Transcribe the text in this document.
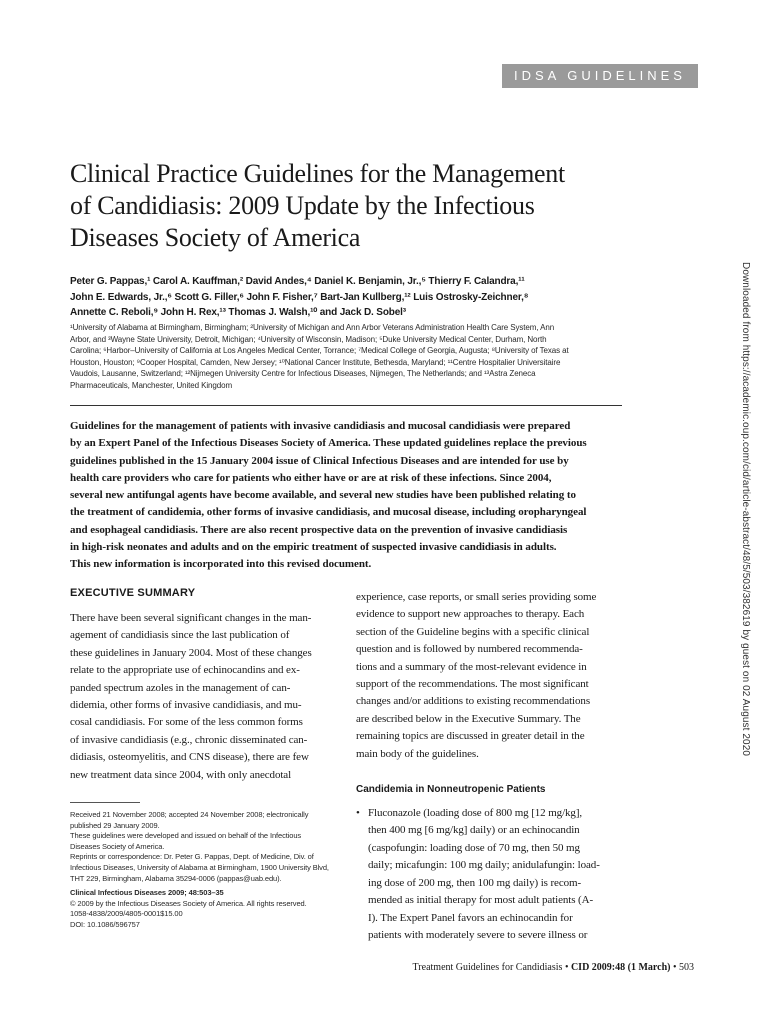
IDSA GUIDELINES
Clinical Practice Guidelines for the Management
of Candidiasis: 2009 Update by the Infectious
Diseases Society of America
Peter G. Pappas,¹ Carol A. Kauffman,² David Andes,⁴ Daniel K. Benjamin, Jr.,⁵ Thierry F. Calandra,¹¹
John E. Edwards, Jr.,⁶ Scott G. Filler,⁶ John F. Fisher,⁷ Bart-Jan Kullberg,¹² Luis Ostrosky-Zeichner,⁸
Annette C. Reboli,⁹ John H. Rex,¹³ Thomas J. Walsh,¹⁰ and Jack D. Sobel³
¹University of Alabama at Birmingham, Birmingham; ²University of Michigan and Ann Arbor Veterans Administration Health Care System, Ann
Arbor, and ³Wayne State University, Detroit, Michigan; ⁴University of Wisconsin, Madison; ⁵Duke University Medical Center, Durham, North
Carolina; ⁶Harbor–University of California at Los Angeles Medical Center, Torrance; ⁷Medical College of Georgia, Augusta; ⁸University of Texas at
Houston, Houston; ⁹Cooper Hospital, Camden, New Jersey; ¹⁰National Cancer Institute, Bethesda, Maryland; ¹¹Centre Hospitalier Universitaire
Vaudois, Lausanne, Switzerland; ¹²Nijmegen University Centre for Infectious Diseases, Nijmegen, The Netherlands; and ¹³Astra Zeneca
Pharmaceuticals, Manchester, United Kingdom
Guidelines for the management of patients with invasive candidiasis and mucosal candidiasis were prepared
by an Expert Panel of the Infectious Diseases Society of America. These updated guidelines replace the previous
guidelines published in the 15 January 2004 issue of Clinical Infectious Diseases and are intended for use by
health care providers who care for patients who either have or are at risk of these infections. Since 2004,
several new antifungal agents have become available, and several new studies have been published relating to
the treatment of candidemia, other forms of invasive candidiasis, and mucosal disease, including oropharyngeal
and esophageal candidiasis. There are also recent prospective data on the prevention of invasive candidiasis
in high-risk neonates and adults and on the empiric treatment of suspected invasive candidiasis in adults.
This new information is incorporated into this revised document.
EXECUTIVE SUMMARY
There have been several significant changes in the man-
agement of candidiasis since the last publication of
these guidelines in January 2004. Most of these changes
relate to the appropriate use of echinocandins and ex-
panded spectrum azoles in the management of can-
didemia, other forms of invasive candidiasis, and mu-
cosal candidiasis. For some of the less common forms
of invasive candidiasis (e.g., chronic disseminated can-
didiasis, osteomyelitis, and CNS disease), there are few
new treatment data since 2004, with only anecdotal
experience, case reports, or small series providing some
evidence to support new approaches to therapy. Each
section of the Guideline begins with a specific clinical
question and is followed by numbered recommenda-
tions and a summary of the most-relevant evidence in
support of the recommendations. The most significant
changes and/or additions to existing recommendations
are described below in the Executive Summary. The
remaining topics are discussed in greater detail in the
main body of the guidelines.
Candidemia in Nonneutropenic Patients
• Fluconazole (loading dose of 800 mg [12 mg/kg],
then 400 mg [6 mg/kg] daily) or an echinocandin
(caspofungin: loading dose of 70 mg, then 50 mg
daily; micafungin: 100 mg daily; anidulafungin: load-
ing dose of 200 mg, then 100 mg daily) is recom-
mended as initial therapy for most adult patients (A-
I). The Expert Panel favors an echinocandin for
patients with moderately severe to severe illness or
Received 21 November 2008; accepted 24 November 2008; electronically
published 29 January 2009.
These guidelines were developed and issued on behalf of the Infectious
Diseases Society of America.
Reprints or correspondence: Dr. Peter G. Pappas, Dept. of Medicine, Div. of
Infectious Diseases, University of Alabama at Birmingham, 1900 University Blvd,
THT 229, Birmingham, Alabama 35294-0006 (pappas@uab.edu).
Clinical Infectious Diseases 2009; 48:503–35
© 2009 by the Infectious Diseases Society of America. All rights reserved.
1058-4838/2009/4805-0001$15.00
DOI: 10.1086/596757
Treatment Guidelines for Candidiasis • CID 2009:48 (1 March) • 503
Downloaded from https://academic.oup.com/cid/article-abstract/48/5/503/382619 by guest on 02 August 2020
